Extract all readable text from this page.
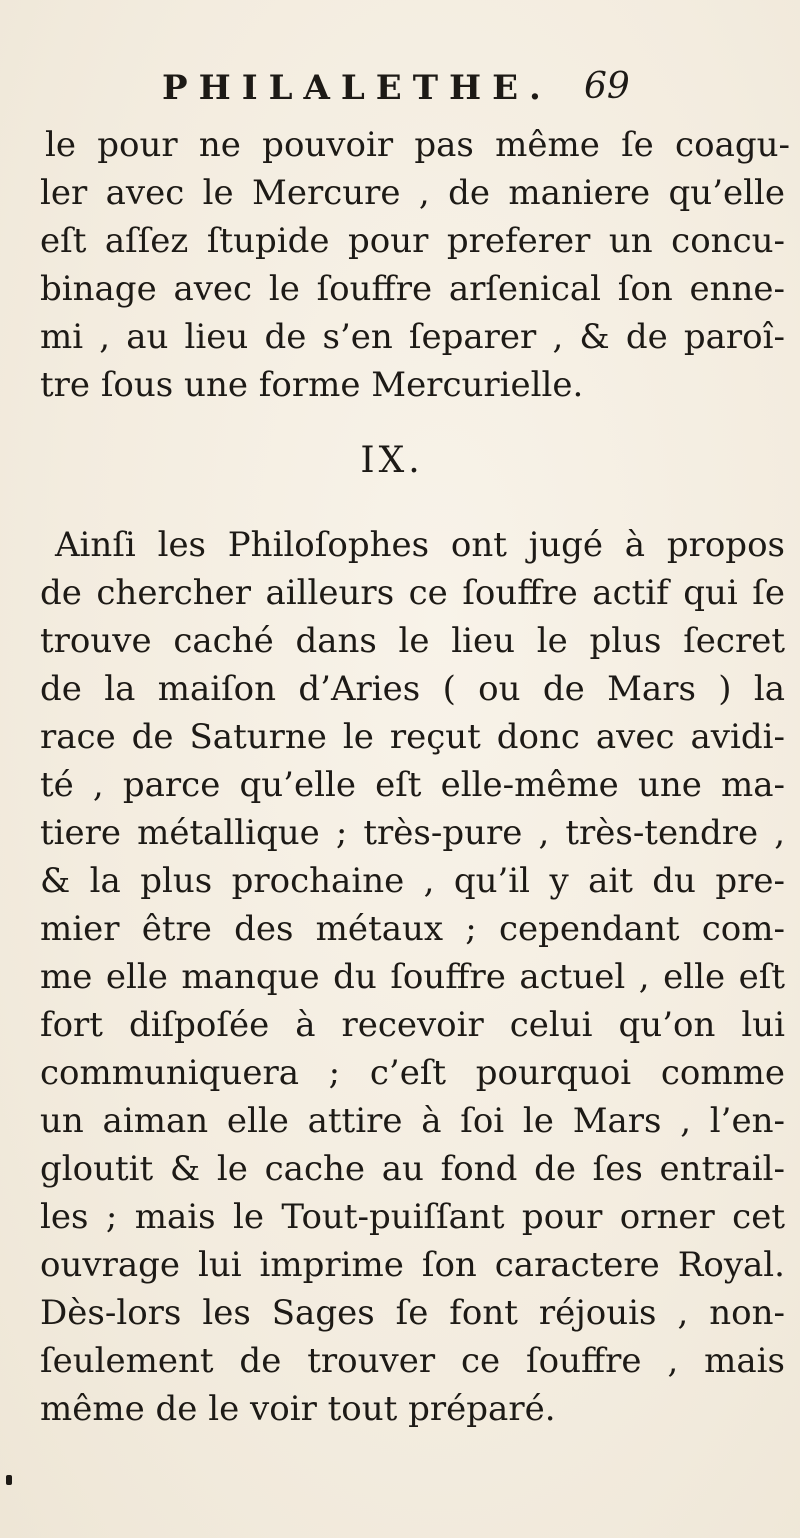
PHILALETHE. 69
le pour ne pouvoir pas même ſe coagu-
ler avec le Mercure , de maniere qu’elle
eſt aſſez ſtupide pour preferer un concu-
binage avec le ſouffre arſenical ſon enne-
mi , au lieu de s’en ſeparer , & de paroî-
tre ſous une forme Mercurielle.
IX.
Ainſi les Philoſophes ont jugé à propos
de chercher ailleurs ce ſouffre actif qui ſe
trouve caché dans le lieu le plus ſecret
de la maiſon d’Aries ( ou de Mars ) la
race de Saturne le reçut donc avec avidi-
té , parce qu’elle eſt elle-même une ma-
tiere métallique ; très-pure , très-tendre ,
& la plus prochaine , qu’il y ait du pre-
mier être des métaux ; cependant com-
me elle manque du ſouffre actuel , elle eſt
fort diſpoſée à recevoir celui qu’on lui
communiquera ; c’eſt pourquoi comme
un aiman elle attire à ſoi le Mars , l’en-
gloutit & le cache au fond de ſes entrail-
les ; mais le Tout-puiſſant pour orner cet
ouvrage lui imprime ſon caractere Royal.
Dès-lors les Sages ſe font réjouis , non-
ſeulement de trouver ce ſouffre , mais
même de le voir tout préparé.
